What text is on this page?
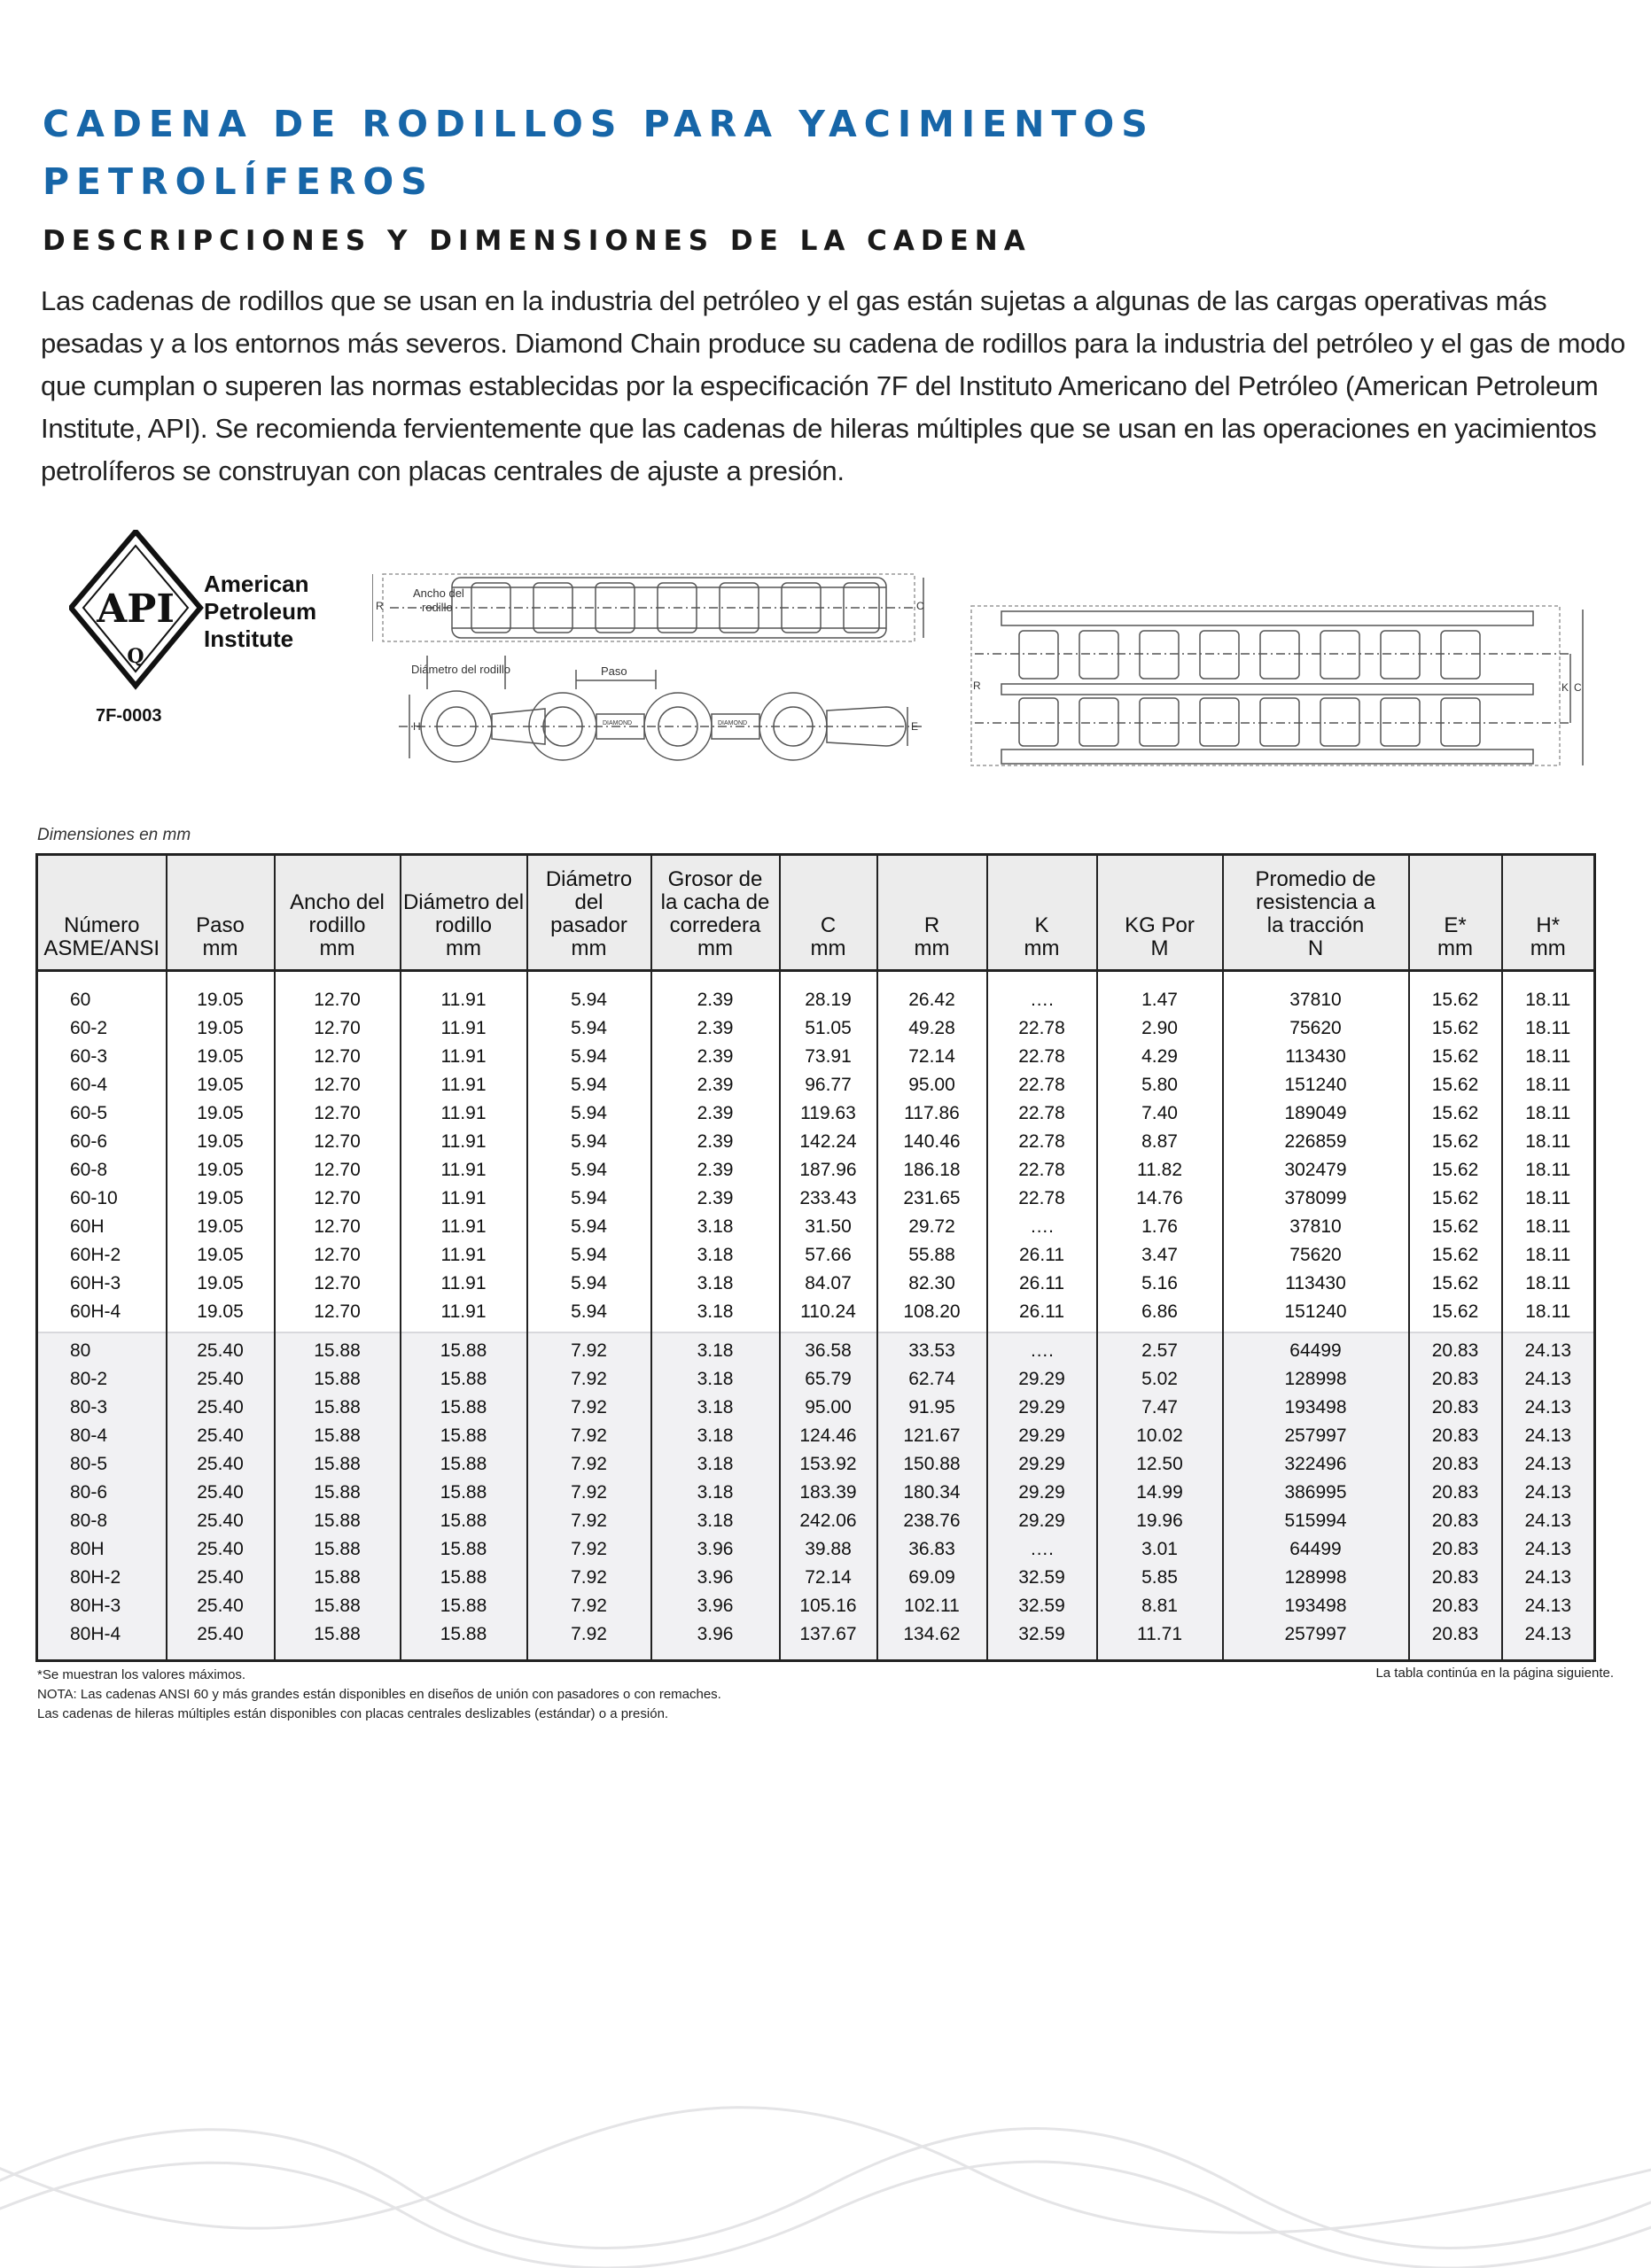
CADENA DE RODILLOS PARA YACIMIENTOS
PETROLÍFEROS
DESCRIPCIONES Y DIMENSIONES DE LA CADENA

Las cadenas de rodillos que se usan en la industria del petróleo y el gas están sujetas a algunas de las cargas operativas más pesadas y a los entornos más severos. Diamond Chain produce su cadena de rodillos para la industria del petróleo y el gas de modo que cumplan o superen las normas establecidas por la especificación 7F del Instituto Americano del Petróleo (American Petroleum Institute, API). Se recomienda fervientemente que las cadenas de hileras múltiples que se usan en las operaciones en yacimientos petrolíferos se construyan con placas centrales de ajuste a presión.

API
Q
American
Petroleum
Institute
7F-0003
R	C
Ancho del
rodillo
Diámetro del rodillo	Paso
H	E
DIAMOND	DIAMOND
R	K C
Dimensiones en mm
Número
ASME/ANSI	Paso
mm	Ancho del
rodillo
mm	Diámetro del
rodillo
mm	Diámetro del
pasador
mm	Grosor de
la cacha de
corredera
mm	C
mm	R
mm	K
mm	KG Por
M	Promedio de
resistencia a
la tracción
N	E*
mm	H*
mm
60	19.05	12.70	11.91	5.94	2.39	28.19	26.42	….	1.47	37810	15.62	18.11
60-2	19.05	12.70	11.91	5.94	2.39	51.05	49.28	22.78	2.90	75620	15.62	18.11
60-3	19.05	12.70	11.91	5.94	2.39	73.91	72.14	22.78	4.29	113430	15.62	18.11
60-4	19.05	12.70	11.91	5.94	2.39	96.77	95.00	22.78	5.80	151240	15.62	18.11
60-5	19.05	12.70	11.91	5.94	2.39	119.63	117.86	22.78	7.40	189049	15.62	18.11
60-6	19.05	12.70	11.91	5.94	2.39	142.24	140.46	22.78	8.87	226859	15.62	18.11
60-8	19.05	12.70	11.91	5.94	2.39	187.96	186.18	22.78	11.82	302479	15.62	18.11
60-10	19.05	12.70	11.91	5.94	2.39	233.43	231.65	22.78	14.76	378099	15.62	18.11
60H	19.05	12.70	11.91	5.94	3.18	31.50	29.72	….	1.76	37810	15.62	18.11
60H-2	19.05	12.70	11.91	5.94	3.18	57.66	55.88	26.11	3.47	75620	15.62	18.11
60H-3	19.05	12.70	11.91	5.94	3.18	84.07	82.30	26.11	5.16	113430	15.62	18.11
60H-4	19.05	12.70	11.91	5.94	3.18	110.24	108.20	26.11	6.86	151240	15.62	18.11
80	25.40	15.88	15.88	7.92	3.18	36.58	33.53	….	2.57	64499	20.83	24.13
80-2	25.40	15.88	15.88	7.92	3.18	65.79	62.74	29.29	5.02	128998	20.83	24.13
80-3	25.40	15.88	15.88	7.92	3.18	95.00	91.95	29.29	7.47	193498	20.83	24.13
80-4	25.40	15.88	15.88	7.92	3.18	124.46	121.67	29.29	10.02	257997	20.83	24.13
80-5	25.40	15.88	15.88	7.92	3.18	153.92	150.88	29.29	12.50	322496	20.83	24.13
80-6	25.40	15.88	15.88	7.92	3.18	183.39	180.34	29.29	14.99	386995	20.83	24.13
80-8	25.40	15.88	15.88	7.92	3.18	242.06	238.76	29.29	19.96	515994	20.83	24.13
80H	25.40	15.88	15.88	7.92	3.96	39.88	36.83	….	3.01	64499	20.83	24.13
80H-2	25.40	15.88	15.88	7.92	3.96	72.14	69.09	32.59	5.85	128998	20.83	24.13
80H-3	25.40	15.88	15.88	7.92	3.96	105.16	102.11	32.59	8.81	193498	20.83	24.13
80H-4	25.40	15.88	15.88	7.92	3.96	137.67	134.62	32.59	11.71	257997	20.83	24.13
*Se muestran los valores máximos.
NOTA: Las cadenas ANSI 60 y más grandes están disponibles en diseños de unión con pasadores o con remaches.
Las cadenas de hileras múltiples están disponibles con placas centrales deslizables (estándar) o a presión.
La tabla continúa en la página siguiente.
